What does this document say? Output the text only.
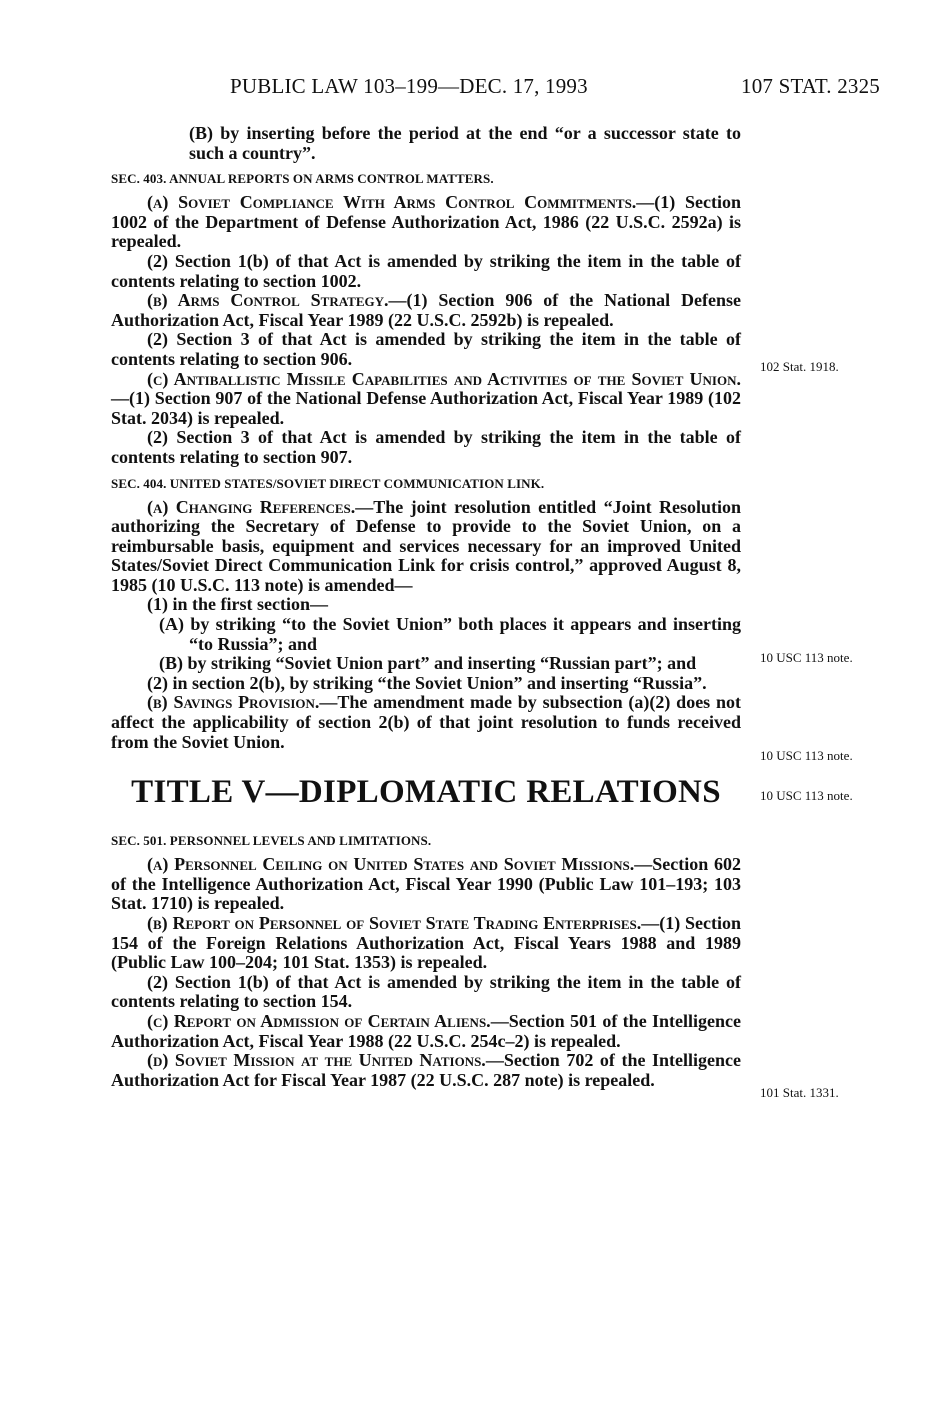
PUBLIC LAW 103–199—DEC. 17, 1993	107 STAT. 2325

(B) by inserting before the period at the end “or a successor state to such a country”.

SEC. 403. ANNUAL REPORTS ON ARMS CONTROL MATTERS.

(a) Soviet Compliance With Arms Control Commitments.—(1) Section 1002 of the Department of Defense Authorization Act, 1986 (22 U.S.C. 2592a) is repealed.

(2) Section 1(b) of that Act is amended by striking the item in the table of contents relating to section 1002.

(b) Arms Control Strategy.—(1) Section 906 of the National Defense Authorization Act, Fiscal Year 1989 (22 U.S.C. 2592b) is repealed.

(2) Section 3 of that Act is amended by striking the item in the table of contents relating to section 906.

(c) Antiballistic Missile Capabilities and Activities of the Soviet Union.—(1) Section 907 of the National Defense Authorization Act, Fiscal Year 1989 (102 Stat. 2034) is repealed.

(2) Section 3 of that Act is amended by striking the item in the table of contents relating to section 907.

SEC. 404. UNITED STATES/SOVIET DIRECT COMMUNICATION LINK.

(a) Changing References.—The joint resolution entitled “Joint Resolution authorizing the Secretary of Defense to provide to the Soviet Union, on a reimbursable basis, equipment and services necessary for an improved United States/Soviet Direct Communication Link for crisis control,” approved August 8, 1985 (10 U.S.C. 113 note) is amended—

(1) in the first section—

(A) by striking “to the Soviet Union” both places it appears and inserting “to Russia”; and

(B) by striking “Soviet Union part” and inserting “Russian part”; and

(2) in section 2(b), by striking “the Soviet Union” and inserting “Russia”.

(b) Savings Provision.—The amendment made by subsection (a)(2) does not affect the applicability of section 2(b) of that joint resolution to funds received from the Soviet Union.

TITLE V—DIPLOMATIC RELATIONS

SEC. 501. PERSONNEL LEVELS AND LIMITATIONS.

(a) Personnel Ceiling on United States and Soviet Missions.—Section 602 of the Intelligence Authorization Act, Fiscal Year 1990 (Public Law 101–193; 103 Stat. 1710) is repealed.

(b) Report on Personnel of Soviet State Trading Enterprises.—(1) Section 154 of the Foreign Relations Authorization Act, Fiscal Years 1988 and 1989 (Public Law 100–204; 101 Stat. 1353) is repealed.

(2) Section 1(b) of that Act is amended by striking the item in the table of contents relating to section 154.

(c) Report on Admission of Certain Aliens.—Section 501 of the Intelligence Authorization Act, Fiscal Year 1988 (22 U.S.C. 254c–2) is repealed.

(d) Soviet Mission at the United Nations.—Section 702 of the Intelligence Authorization Act for Fiscal Year 1987 (22 U.S.C. 287 note) is repealed.

102 Stat. 1918.
10 USC 113 note.
10 USC 113 note.
10 USC 113 note.
101 Stat. 1331.
